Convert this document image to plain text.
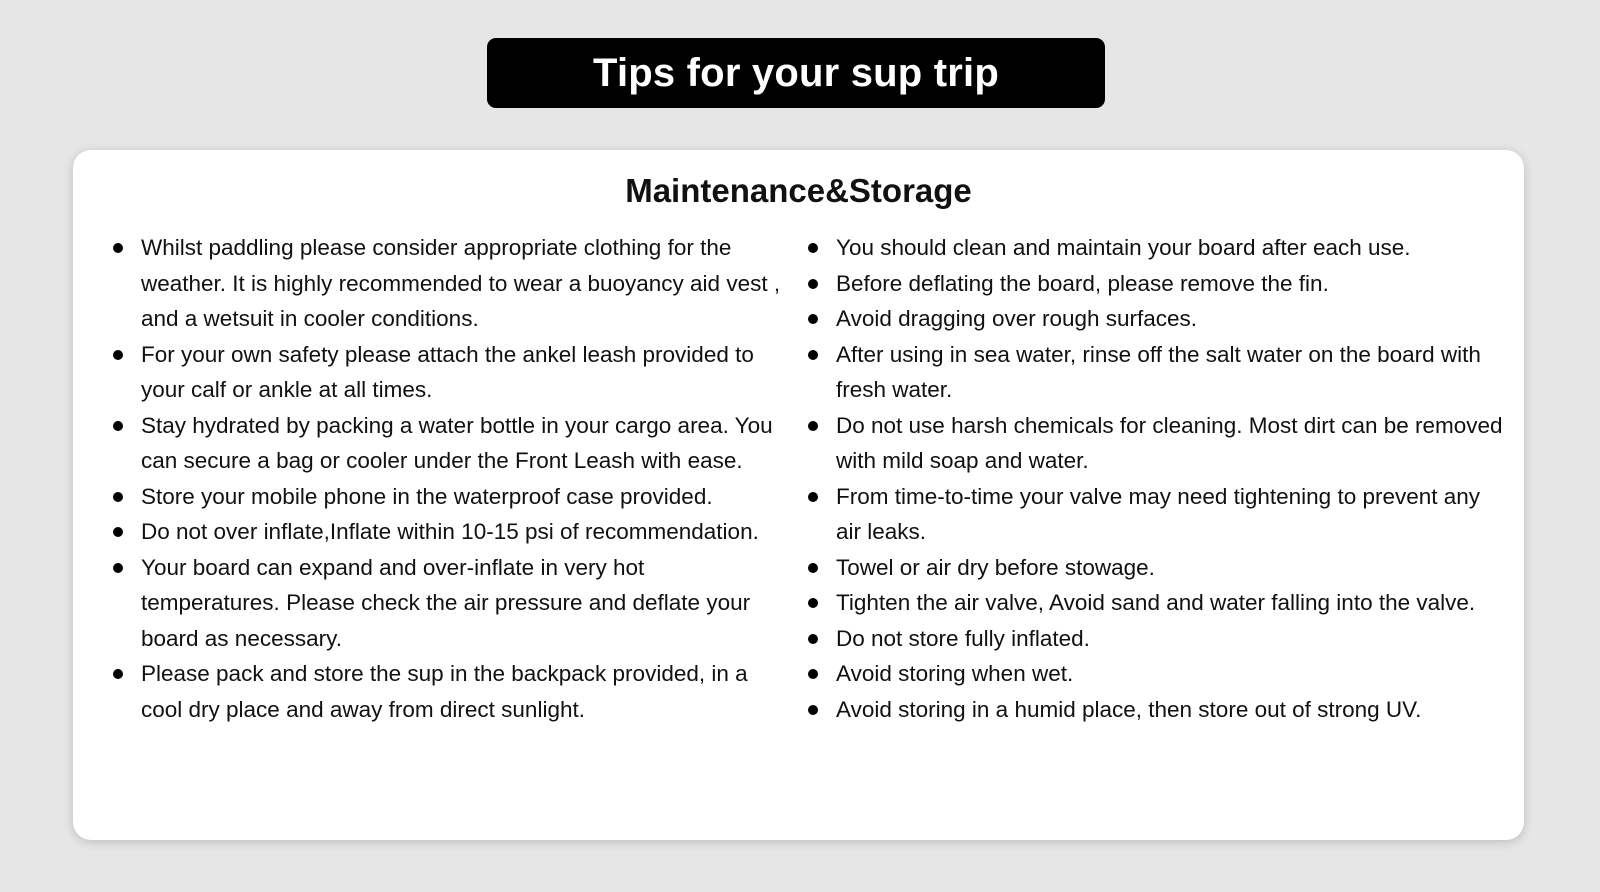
Tips for your sup trip
Maintenance&Storage
Whilst paddling please consider appropriate clothing for the weather. It is highly recommended to wear a buoyancy aid vest , and a wetsuit in cooler conditions.
For your own safety please attach the ankel leash provided to your calf or ankle at all times.
Stay hydrated by packing a water bottle in your cargo area. You can secure a bag or cooler under the Front Leash with ease.
Store your mobile phone in the waterproof case provided.
Do not over inflate,Inflate within 10-15 psi of recommendation.
Your board can expand and over-inflate in very hot temperatures. Please check the air pressure and deflate your board as necessary.
Please pack and store the sup in the backpack provided, in a cool dry place and away from direct sunlight.
You should clean and maintain your board after each use.
Before deflating the board, please remove the fin.
Avoid dragging over rough surfaces.
After using in sea water, rinse off the salt water on the board with fresh water.
Do not use harsh chemicals for cleaning. Most dirt can be removed with mild soap and water.
From time-to-time your valve may need tightening to prevent any air leaks.
Towel or air dry before stowage.
Tighten the air valve, Avoid sand and water falling into the valve.
Do not store fully inflated.
Avoid storing when wet.
Avoid storing in a humid place, then store out of strong UV.
